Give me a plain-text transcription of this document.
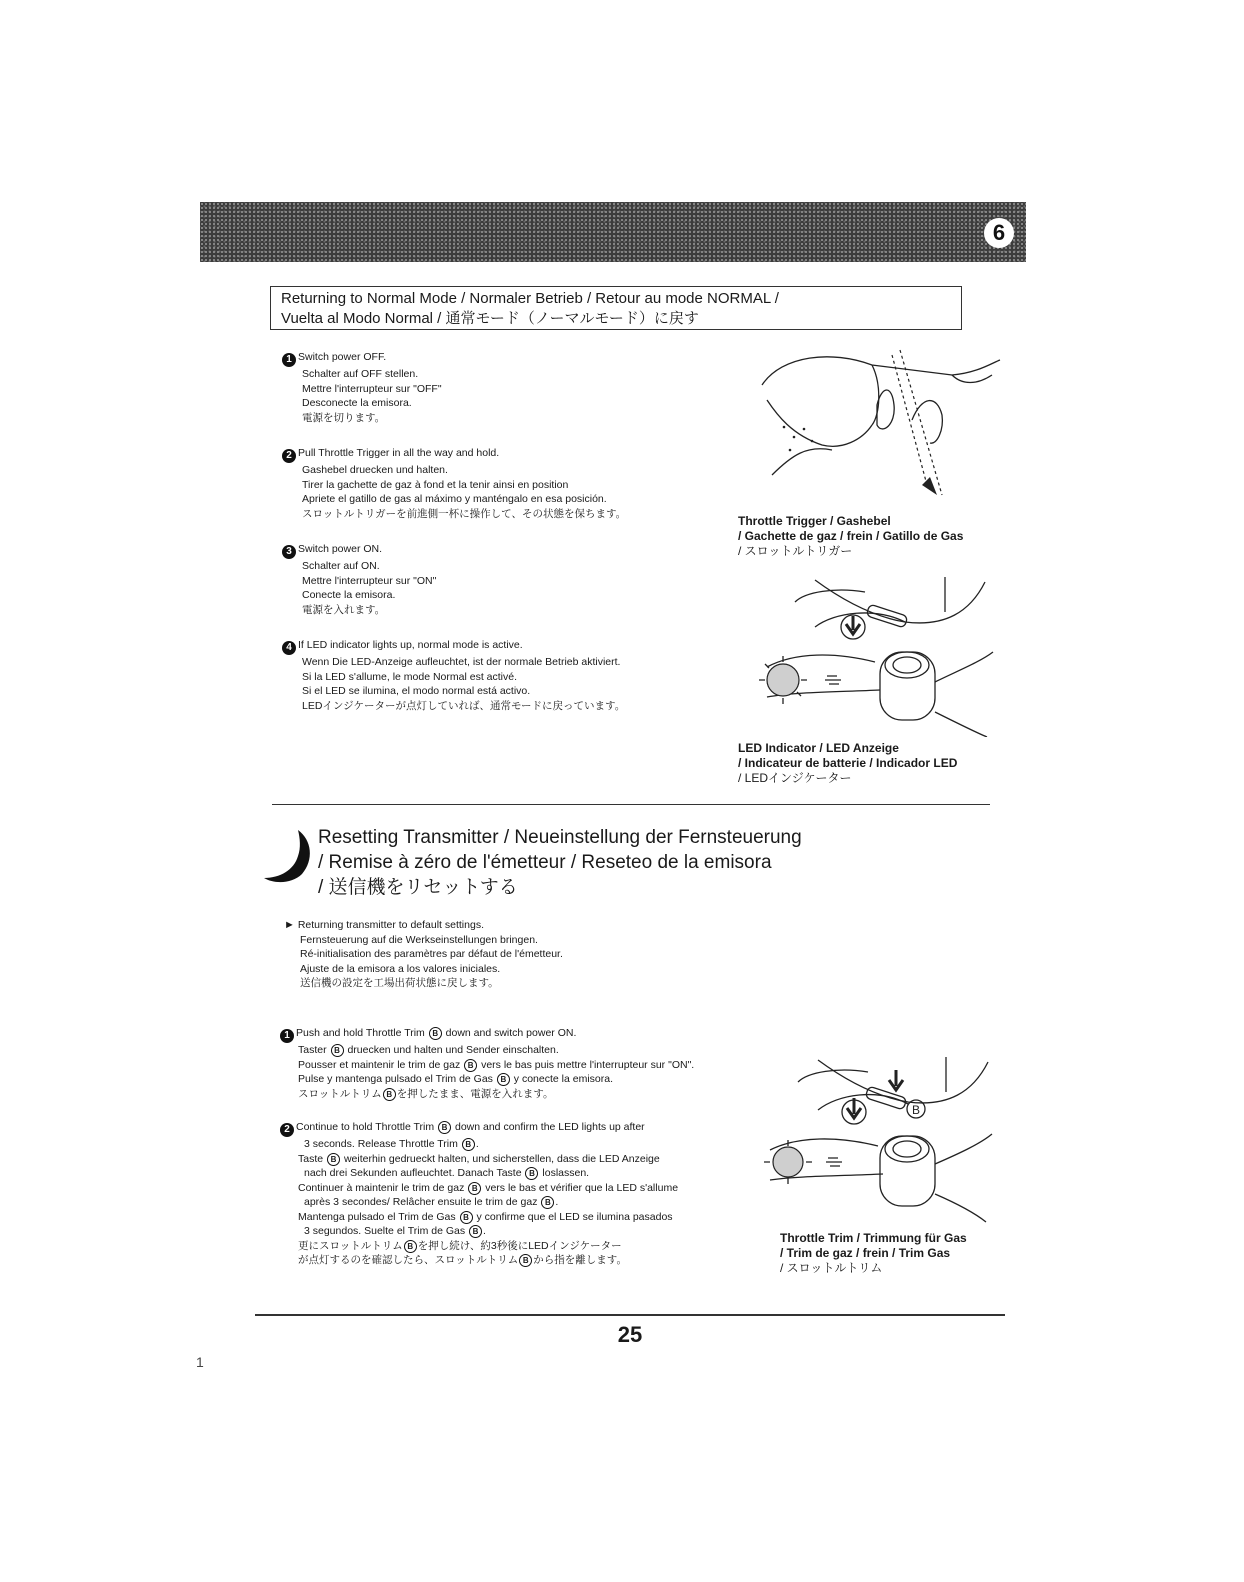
6
Returning to Normal Mode / Normaler Betrieb / Retour au mode NORMAL /
Vuelta al Modo Normal / 通常モード（ノーマルモード）に戻す
1 Switch power OFF.
Schalter auf OFF stellen.
Mettre l'interrupteur sur "OFF"
Desconecte la emisora.
電源を切ります。
2 Pull Throttle Trigger in all the way and hold.
Gashebel druecken und halten.
Tirer la gachette de gaz à fond et la tenir ainsi en position
Apriete el gatillo de gas al máximo y manténgalo en esa posición.
スロットルトリガーを前進側一杯に操作して、その状態を保ちます。
3 Switch power ON.
Schalter auf ON.
Mettre l'interrupteur sur "ON"
Conecte la emisora.
電源を入れます。
4 If LED indicator lights up, normal mode is active.
Wenn Die LED-Anzeige aufleuchtet, ist der normale Betrieb aktiviert.
Si la LED s'allume, le mode Normal est activé.
Si el LED se ilumina, el modo normal está activo.
LEDインジケーターが点灯していれば、通常モードに戻っています。
Throttle Trigger / Gashebel
/ Gachette de gaz / frein / Gatillo de Gas
/ スロットルトリガー
LED Indicator / LED Anzeige
/ Indicateur de batterie / Indicador LED
/ LEDインジケーター
Resetting Transmitter / Neueinstellung der Fernsteuerung
/ Remise à zéro de l'émetteur / Reseteo de la emisora
/ 送信機をリセットする
► Returning transmitter to default settings.
Fernsteuerung auf die Werkseinstellungen bringen.
Ré-initialisation des paramètres par défaut de l'émetteur.
Ajuste de la emisora a los valores iniciales.
送信機の設定を工場出荷状態に戻します。
1 Push and hold Throttle Trim B down and switch power ON.
Taster B druecken und halten und Sender einschalten.
Pousser et maintenir le trim de gaz B vers le bas puis mettre l'interrupteur sur "ON".
Pulse y mantenga pulsado el Trim de Gas B y conecte la emisora.
スロットルトリム B を押したまま、電源を入れます。
2 Continue to hold Throttle Trim B down and confirm the LED lights up after
3 seconds. Release Throttle Trim B .
Taste B weiterhin gedrueckt halten, und sicherstellen, dass die LED Anzeige
nach drei Sekunden aufleuchtet. Danach Taste B loslassen.
Continuer à maintenir le trim de gaz B vers le bas et vérifier que la LED s'allume
après 3 secondes/ Relâcher ensuite le trim de gaz B .
Mantenga pulsado el Trim de Gas B y confirme que el LED se ilumina pasados
3 segundos. Suelte el Trim de Gas B .
更にスロットルトリム B を押し続け、約3秒後にLEDインジケーター
が点灯するのを確認したら、スロットルトリム B から指を離します。
B
Throttle Trim / Trimmung für Gas
/ Trim de gaz / frein / Trim Gas
/ スロットルトリム
25
1
